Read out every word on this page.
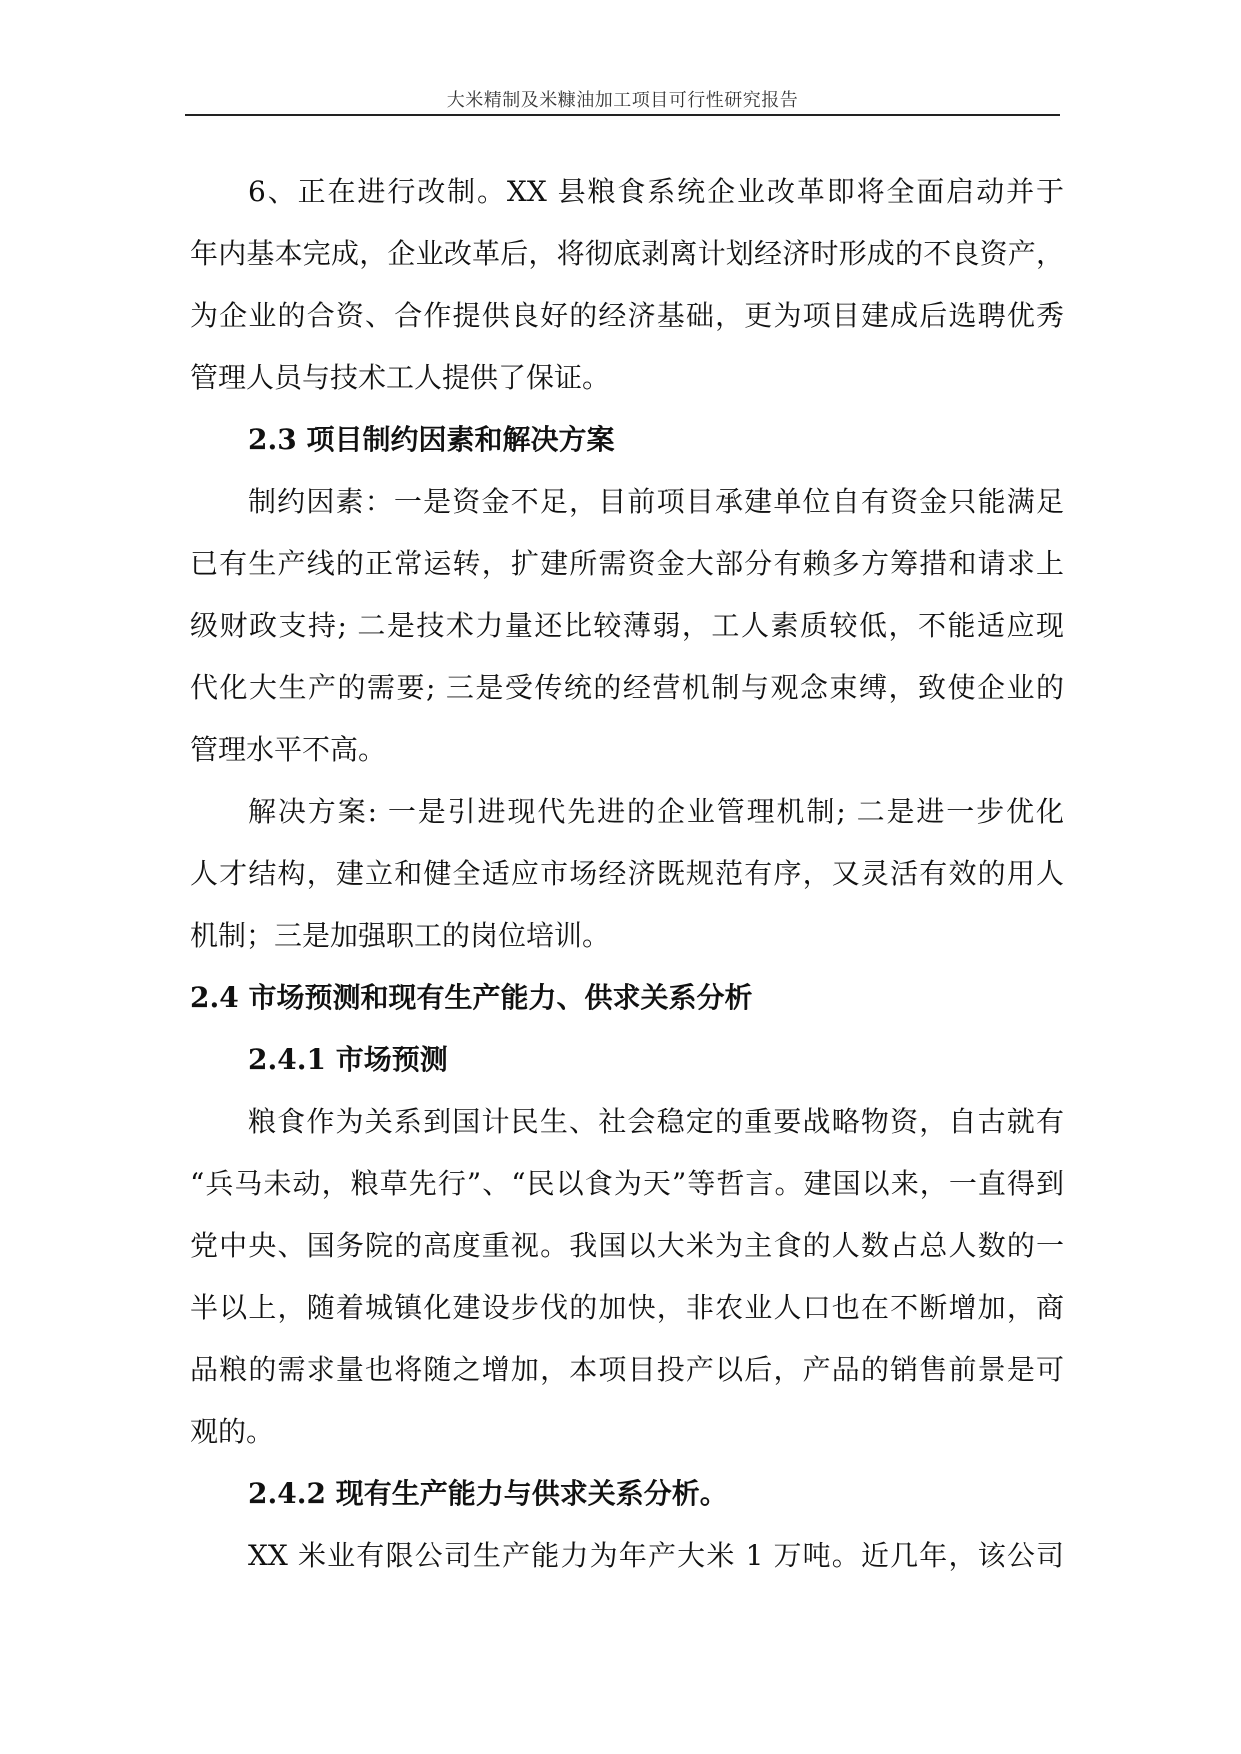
大米精制及米糠油加工项目可行性研究报告
6、正在进行改制。XX 县粮食系统企业改革即将全面启动并于
年内基本完成，企业改革后，将彻底剥离计划经济时形成的不良资产，
为企业的合资、合作提供良好的经济基础，更为项目建成后选聘优秀
管理人员与技术工人提供了保证。
2.3 项目制约因素和解决方案
制约因素：一是资金不足，目前项目承建单位自有资金只能满足
已有生产线的正常运转，扩建所需资金大部分有赖多方筹措和请求上
级财政支持; 二是技术力量还比较薄弱，工人素质较低，不能适应现
代化大生产的需要; 三是受传统的经营机制与观念束缚，致使企业的
管理水平不高。
解决方案: 一是引进现代先进的企业管理机制; 二是进一步优化
人才结构，建立和健全适应市场经济既规范有序，又灵活有效的用人
机制；三是加强职工的岗位培训。
2.4 市场预测和现有生产能力、供求关系分析
2.4.1 市场预测
粮食作为关系到国计民生、社会稳定的重要战略物资，自古就有
“兵马未动，粮草先行”、“民以食为天”等哲言。建国以来，一直得到
党中央、国务院的高度重视。我国以大米为主食的人数占总人数的一
半以上，随着城镇化建设步伐的加快，非农业人口也在不断增加，商
品粮的需求量也将随之增加，本项目投产以后，产品的销售前景是可
观的。
2.4.2 现有生产能力与供求关系分析。
XX 米业有限公司生产能力为年产大米 1 万吨。近几年，该公司
